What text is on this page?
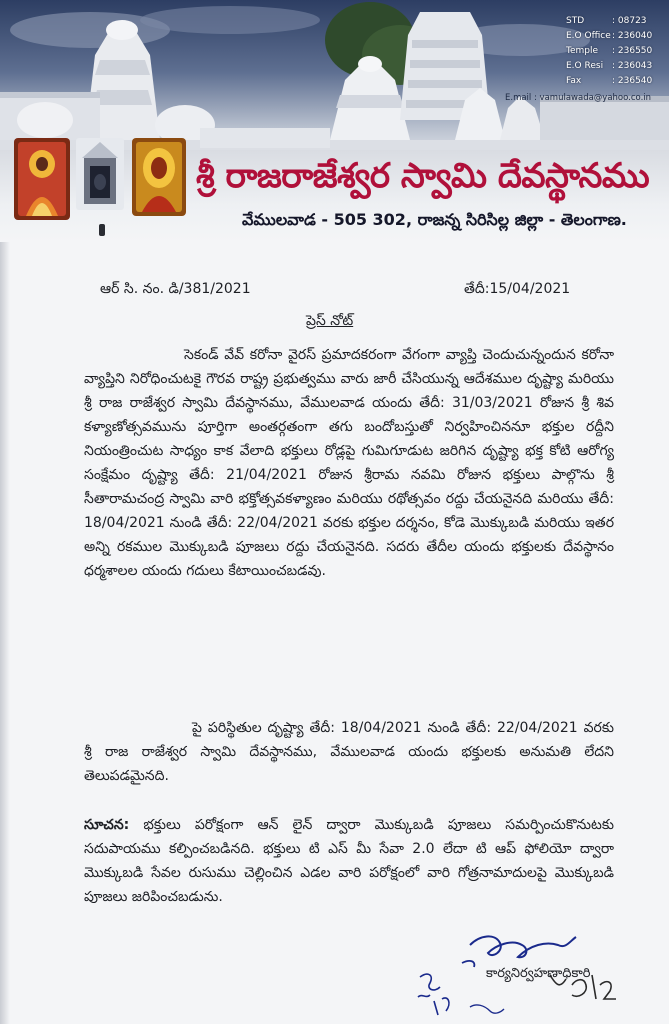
STD	: 08723
E.O Office : 236040
Temple	: 236550
E.O Resi : 236043
Fax	: 236540
E.mail : vamulawada@yahoo.co.in
శ్రీ రాజరాజేశ్వర స్వామి దేవస్థానము
వేములవాడ - 505 302, రాజన్న సిరిసిల్ల జిల్లా - తెలంగాణ.
ఆర్ సి. నం. డి/381/2021	తేదీ:15/04/2021
ప్రెస్ నోట్

సెకండ్ వేవ్ కరోనా వైరస్ ప్రమాదకరంగా వేగంగా వ్యాప్తి చెందుచున్నందున కరోనా వ్యాప్తిని నిరోధించుటకై గౌరవ రాష్ట్ర ప్రభుత్వము వారు జారీ చేసియున్న ఆదేశముల దృష్ట్యా మరియు శ్రీ రాజ రాజేశ్వర స్వామి దేవస్థానము, వేములవాడ యందు తేదీ: 31/03/2021 రోజున శ్రీ శివ కళ్యాణోత్సవమును పూర్తిగా అంతర్గతంగా తగు బందోబస్తుతో నిర్వహించిననూ భక్తుల రద్దీని నియంత్రించుట సాధ్యం కాక వేలాది భక్తులు రోడ్లపై గుమిగూడుట జరిగిన దృష్ట్యా భక్త కోటి ఆరోగ్య సంక్షేమం దృష్ట్యా తేదీ: 21/04/2021 రోజున శ్రీరామ నవమి రోజున భక్తులు పాల్గొను శ్రీ సీతారామచంద్ర స్వామి వారి భక్తోత్సవకళ్యాణం మరియు రథోత్సవం రద్దు చేయనైనది మరియు తేదీ: 18/04/2021 నుండి తేదీ: 22/04/2021 వరకు భక్తుల దర్శనం, కోడె మొక్కుబడి మరియు ఇతర అన్ని రకముల మొక్కుబడి పూజలు రద్దు చేయనైనది. సదరు తేదీల యందు భక్తులకు దేవస్థానం ధర్మశాలల యందు గదులు కేటాయించబడవు.

పై పరిస్థితుల దృష్ట్యా తేదీ: 18/04/2021 నుండి తేదీ: 22/04/2021 వరకు శ్రీ రాజ రాజేశ్వర స్వామి దేవస్థానము, వేములవాడ యందు భక్తులకు అనుమతి లేదని తెలుపడమైనది.

సూచన: భక్తులు పరోక్షంగా ఆన్ లైన్ ద్వారా మొక్కుబడి పూజలు సమర్పించుకొనుటకు సదుపాయము కల్పించబడినది. భక్తులు టి ఎస్ మీ సేవా 2.0 లేదా టి ఆప్ ఫోలియో ద్వారా మొక్కుబడి సేవల రుసుము చెల్లించిన ఎడల వారి పరోక్షంలో వారి గోత్రనామాదులపై మొక్కుబడి పూజలు జరిపించబడును.

కార్యనిర్వహణాధికారి
